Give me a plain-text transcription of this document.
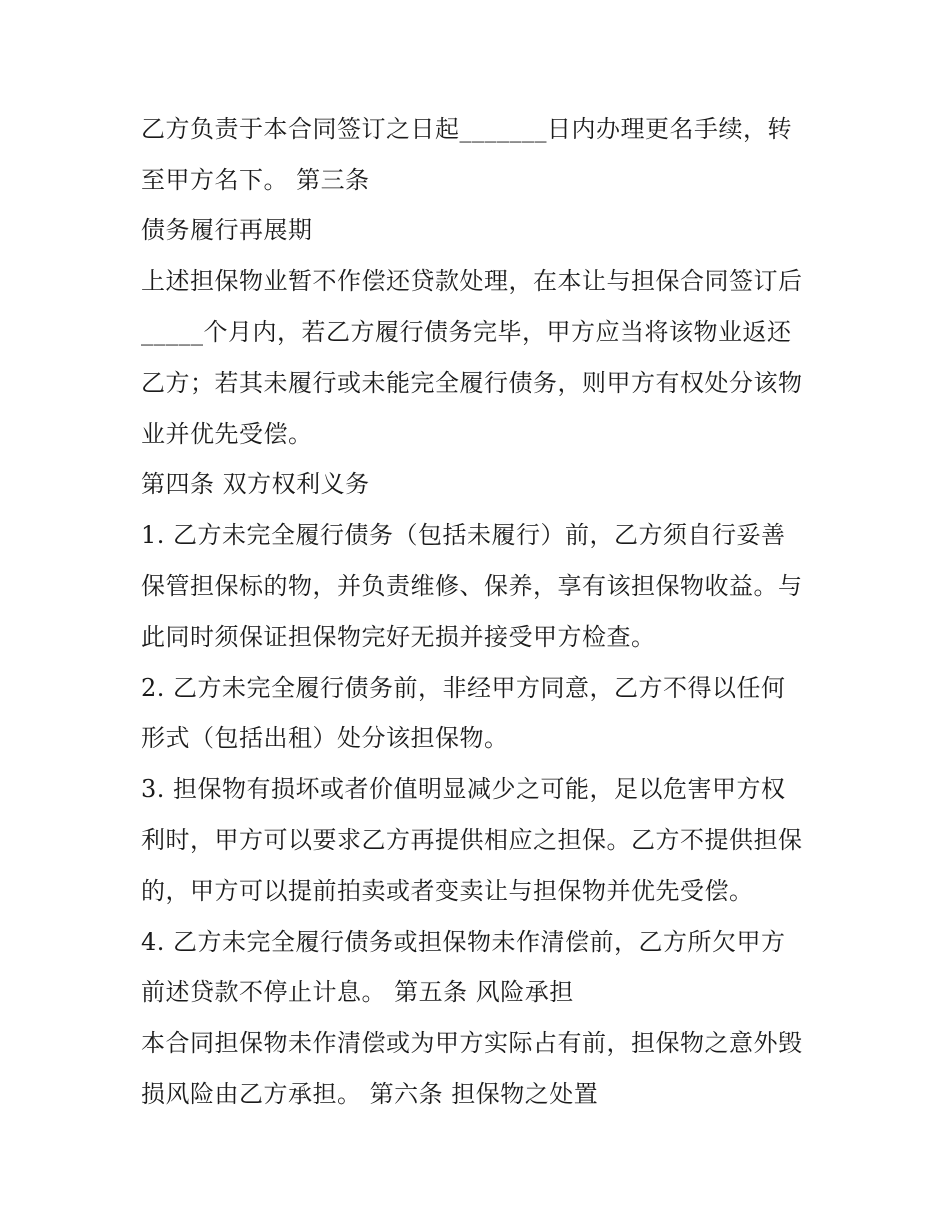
乙方负责于本合同签订之日起_______日内办理更名手续，转
至甲方名下。 第三条
债务履行再展期
上述担保物业暂不作偿还贷款处理，在本让与担保合同签订后
_____个月内，若乙方履行债务完毕，甲方应当将该物业返还
乙方；若其未履行或未能完全履行债务，则甲方有权处分该物
业并优先受偿。
第四条 双方权利义务
1. 乙方未完全履行债务（包括未履行）前，乙方须自行妥善
保管担保标的物，并负责维修、保养，享有该担保物收益。与
此同时须保证担保物完好无损并接受甲方检查。
2. 乙方未完全履行债务前，非经甲方同意，乙方不得以任何
形式（包括出租）处分该担保物。
3. 担保物有损坏或者价值明显减少之可能，足以危害甲方权
利时，甲方可以要求乙方再提供相应之担保。乙方不提供担保
的，甲方可以提前拍卖或者变卖让与担保物并优先受偿。
4. 乙方未完全履行债务或担保物未作清偿前，乙方所欠甲方
前述贷款不停止计息。 第五条 风险承担
本合同担保物未作清偿或为甲方实际占有前，担保物之意外毁
损风险由乙方承担。 第六条 担保物之处置
